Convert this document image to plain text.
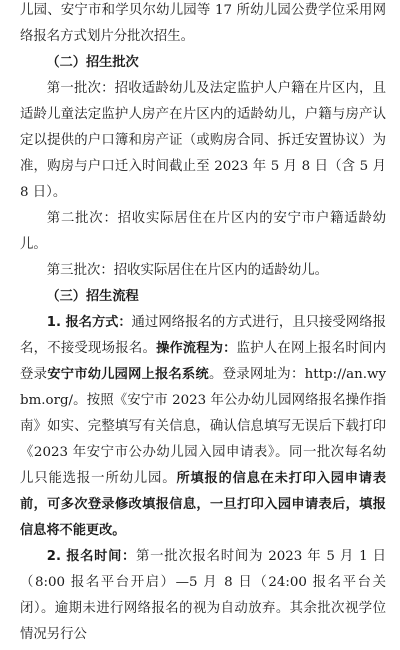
儿园、安宁市和学贝尔幼儿园等 17 所幼儿园公费学位采用网络报名方式划片分批次招生。

（二）招生批次

第一批次：招收适龄幼儿及法定监护人户籍在片区内，且适龄儿童法定监护人房产在片区内的适龄幼儿，户籍与房产认定以提供的户口簿和房产证（或购房合同、拆迁安置协议）为准，购房与户口迁入时间截止至 2023 年 5 月 8 日（含 5 月 8 日）。

第二批次：招收实际居住在片区内的安宁市户籍适龄幼儿。

第三批次：招收实际居住在片区内的适龄幼儿。

（三）招生流程

1. 报名方式：通过网络报名的方式进行，且只接受网络报名，不接受现场报名。操作流程为：监护人在网上报名时间内登录安宁市幼儿园网上报名系统。登录网址为：http://an.wybm.org/。按照《安宁市 2023 年公办幼儿园网络报名操作指南》如实、完整填写有关信息，确认信息填写无误后下载打印《2023 年安宁市公办幼儿园入园申请表》。同一批次每名幼儿只能选报一所幼儿园。所填报的信息在未打印入园申请表前，可多次登录修改填报信息，一旦打印入园申请表后，填报信息将不能更改。

2. 报名时间：第一批次报名时间为 2023 年 5 月 1 日（8:00 报名平台开启）—5 月 8 日（24:00 报名平台关闭）。逾期未进行网络报名的视为自动放弃。其余批次视学位情况另行公
